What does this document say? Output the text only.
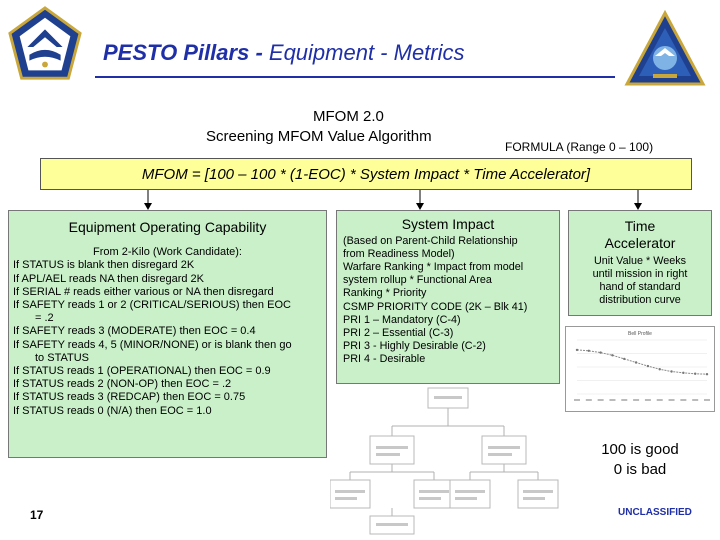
PESTO Pillars - Equipment - Metrics
MFOM 2.0
Screening MFOM Value Algorithm
FORMULA (Range 0 – 100)
MFOM = [100 – 100 * (1-EOC) * System Impact * Time Accelerator]
Equipment Operating Capability
From 2-Kilo (Work Candidate):
If STATUS is blank then disregard 2K
If APL/AEL reads NA then disregard 2K
If SERIAL # reads either various or NA then disregard
If SAFETY reads 1 or 2 (CRITICAL/SERIOUS) then EOC
= .2
If SAFETY reads 3 (MODERATE) then EOC = 0.4
If SAFETY reads 4, 5 (MINOR/NONE) or is blank then go
to STATUS
If STATUS reads 1 (OPERATIONAL) then EOC = 0.9
If STATUS reads 2 (NON-OP) then EOC = .2
If STATUS reads 3 (REDCAP) then EOC = 0.75
If STATUS reads 0 (N/A) then EOC = 1.0
System Impact
(Based on Parent-Child Relationship
from Readiness Model)
Warfare Ranking * Impact from model
system rollup * Functional Area
Ranking * Priority
CSMP PRIORITY CODE (2K – Blk 41)
PRI 1 – Mandatory (C-4)
PRI 2 – Essential (C-3)
PRI 3 - Highly Desirable (C-2)
PRI 4 - Desirable
Time
Accelerator
Unit Value * Weeks
until mission in right
hand of standard
distribution curve
Bell Profile
100 is good
0 is bad
17	UNCLASSIFIED
